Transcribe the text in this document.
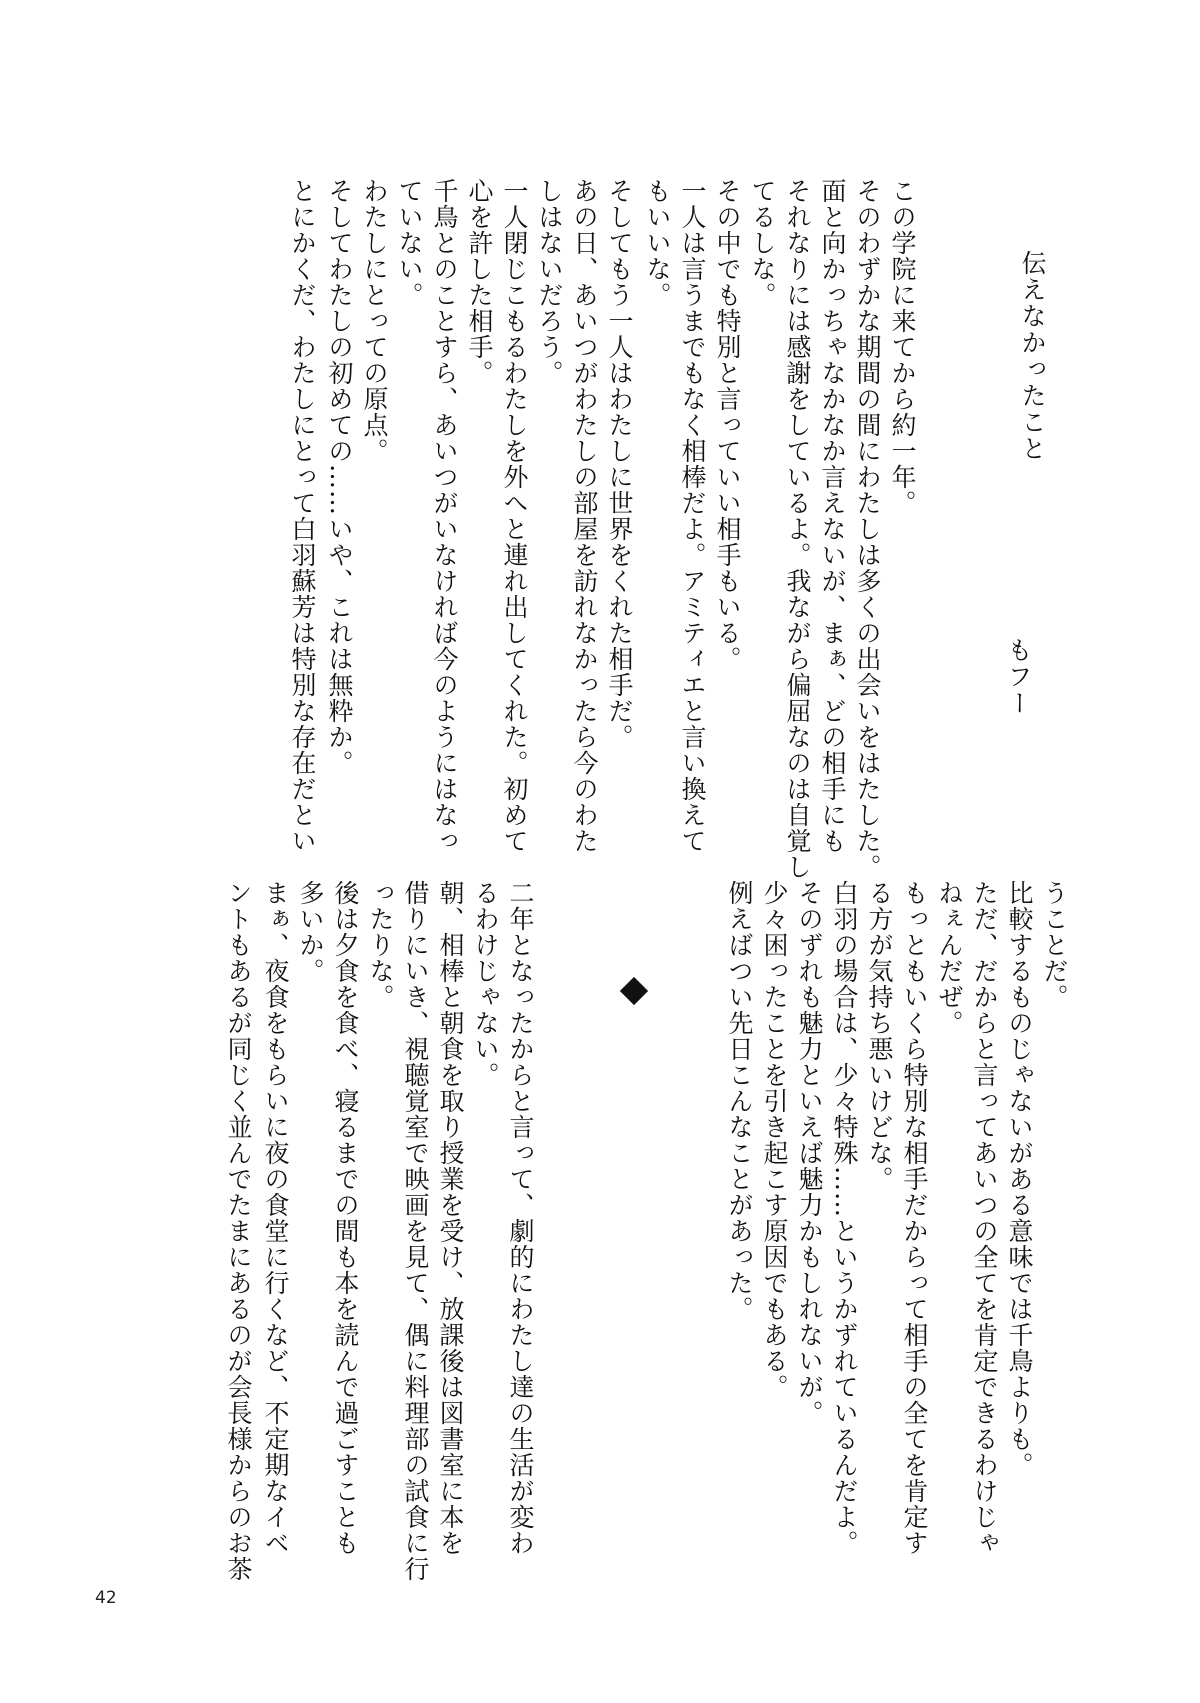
伝えなかったこと
もフー
この学院に来てから約一年。
そのわずかな期間の間にわたしは多くの出会いをはたした。
面と向かっちゃなかなか言えないが、まぁ、どの相手にも
それなりには感謝をしているよ。我ながら偏屈なのは自覚し
てるしな。
その中でも特別と言っていい相手もいる。
一人は言うまでもなく相棒だよ。アミティエと言い換えて
もいいな。
そしてもう一人はわたしに世界をくれた相手だ。
あの日、あいつがわたしの部屋を訪れなかったら今のわた
しはないだろう。
一人閉じこもるわたしを外へと連れ出してくれた。初めて
心を許した相手。
千鳥とのことすら、あいつがいなければ今のようにはなっ
ていない。
わたしにとっての原点。
そしてわたしの初めての……いや、これは無粋か。
とにかくだ、わたしにとって白羽蘇芳は特別な存在だとい
うことだ。
比較するものじゃないがある意味では千鳥よりも。
ただ、だからと言ってあいつの全てを肯定できるわけじゃ
ねぇんだぜ。
もっともいくら特別な相手だからって相手の全てを肯定す
る方が気持ち悪いけどな。
白羽の場合は、少々特殊……というかずれているんだよ。
そのずれも魅力といえば魅力かもしれないが。
少々困ったことを引き起こす原因でもある。
例えばつい先日こんなことがあった。
二年となったからと言って、劇的にわたし達の生活が変わ
るわけじゃない。
朝、相棒と朝食を取り授業を受け、放課後は図書室に本を
借りにいき、視聴覚室で映画を見て、偶に料理部の試食に行
ったりな。
後は夕食を食べ、寝るまでの間も本を読んで過ごすことも
多いか。
まぁ、夜食をもらいに夜の食堂に行くなど、不定期なイベ
ントもあるが同じく並んでたまにあるのが会長様からのお茶
42
